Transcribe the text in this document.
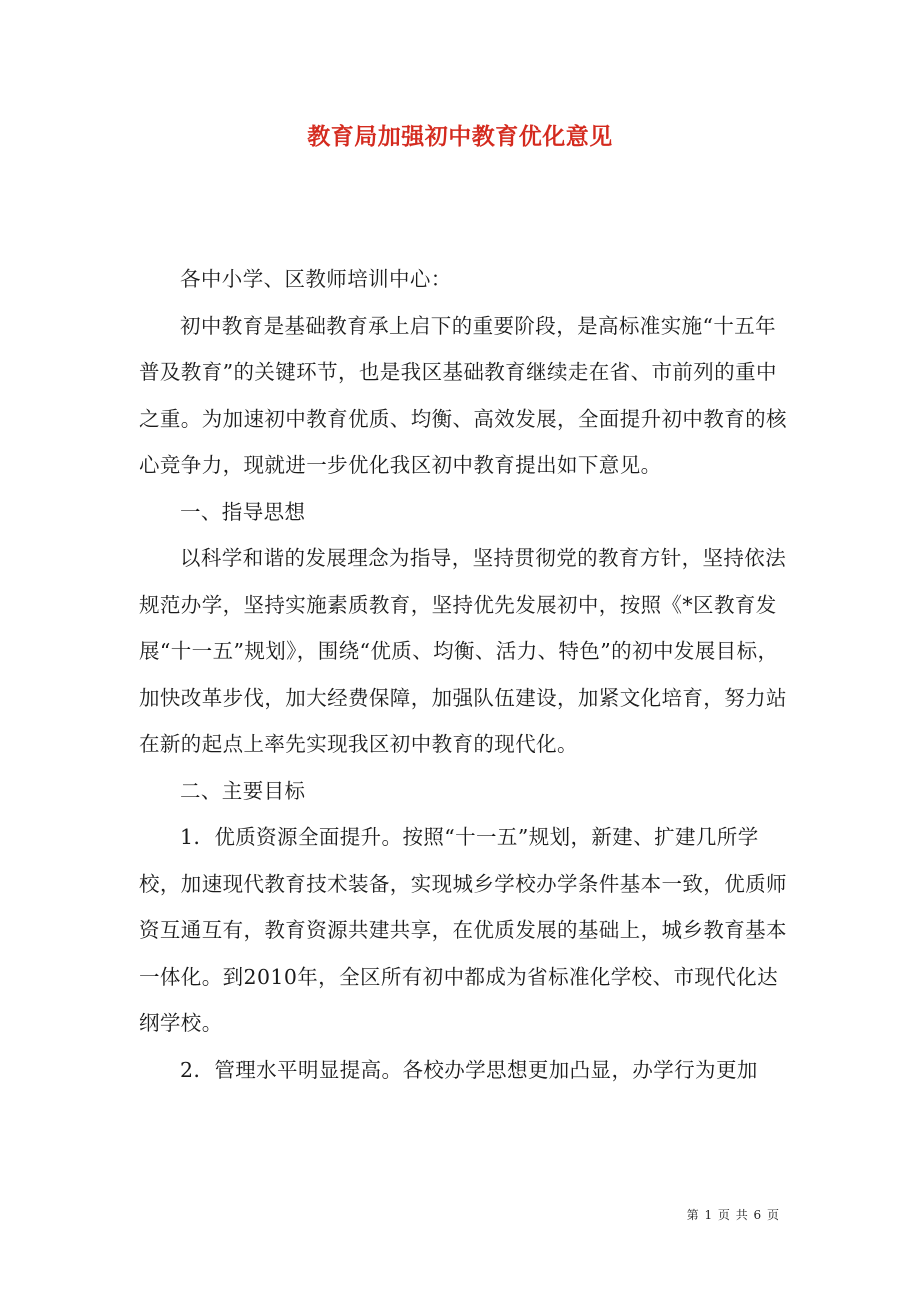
教育局加强初中教育优化意见

各中小学、区教师培训中心：

初中教育是基础教育承上启下的重要阶段，是高标准实施“十五年普及教育”的关键环节，也是我区基础教育继续走在省、市前列的重中之重。为加速初中教育优质、均衡、高效发展，全面提升初中教育的核心竞争力，现就进一步优化我区初中教育提出如下意见。

一、指导思想

以科学和谐的发展理念为指导，坚持贯彻党的教育方针，坚持依法规范办学，坚持实施素质教育，坚持优先发展初中，按照《*区教育发展“十一五”规划》，围绕“优质、均衡、活力、特色”的初中发展目标，加快改革步伐，加大经费保障，加强队伍建设，加紧文化培育，努力站在新的起点上率先实现我区初中教育的现代化。

二、主要目标

1．优质资源全面提升。按照“十一五”规划，新建、扩建几所学校，加速现代教育技术装备，实现城乡学校办学条件基本一致，优质师资互通互有，教育资源共建共享，在优质发展的基础上，城乡教育基本一体化。到2010年，全区所有初中都成为省标准化学校、市现代化达纲学校。

2．管理水平明显提高。各校办学思想更加凸显，办学行为更加

第 1 页 共 6 页
